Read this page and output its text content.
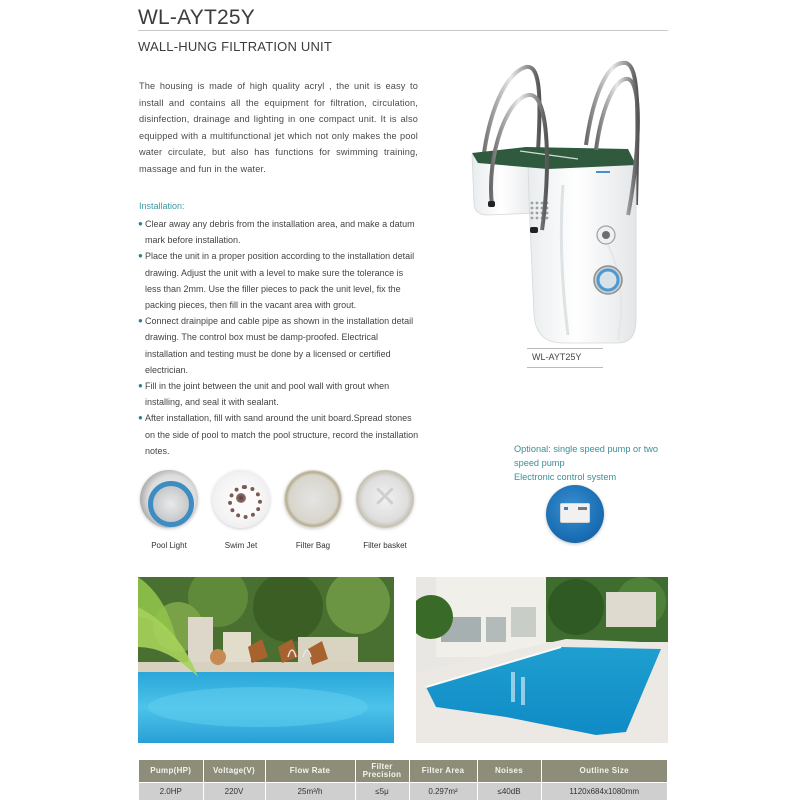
WL-AYT25Y
WALL-HUNG FILTRATION UNIT

The housing is made of high quality acryl , the unit is easy to install and contains all the equipment for filtration, circulation, disinfection, drainage and lighting in one compact unit. It is also equipped with a multifunctional jet which not only makes the pool water circulate, but also has functions for swimming training, massage and fun in the water.

Installation:
● Clear away any debris from the installation area, and make a datum mark before installation.
● Place the unit in a proper position according to the installation detail drawing. Adjust the unit with a level to make sure the tolerance is less than 2mm. Use the filler pieces to pack the unit level, fix the packing pieces, then fill in the vacant area with grout.
● Connect drainpipe and cable pipe as shown in the installation detail drawing. The control box must be damp-proofed. Electrical installation and testing must be done by a licensed or certified electrician.
● Fill in the joint between the unit and pool wall with grout when installing, and seal it with sealant.
● After installation, fill with sand around the unit board.Spread stones on the side of pool to match the pool structure, record the installation notes.
WL-AYT25Y
Optional: single speed pump or two speed pump
Electronic control system
Pool Light	Swim Jet	Filter Bag
✕	Filter basket
Pump(HP)	Voltage(V)	Flow Rate	Filter Precision	Filter Area	Noises	Outline Size
2.0HP	220V	25m³/h	≤5μ	0.297m²	≤40dB	1120x684x1080mm
